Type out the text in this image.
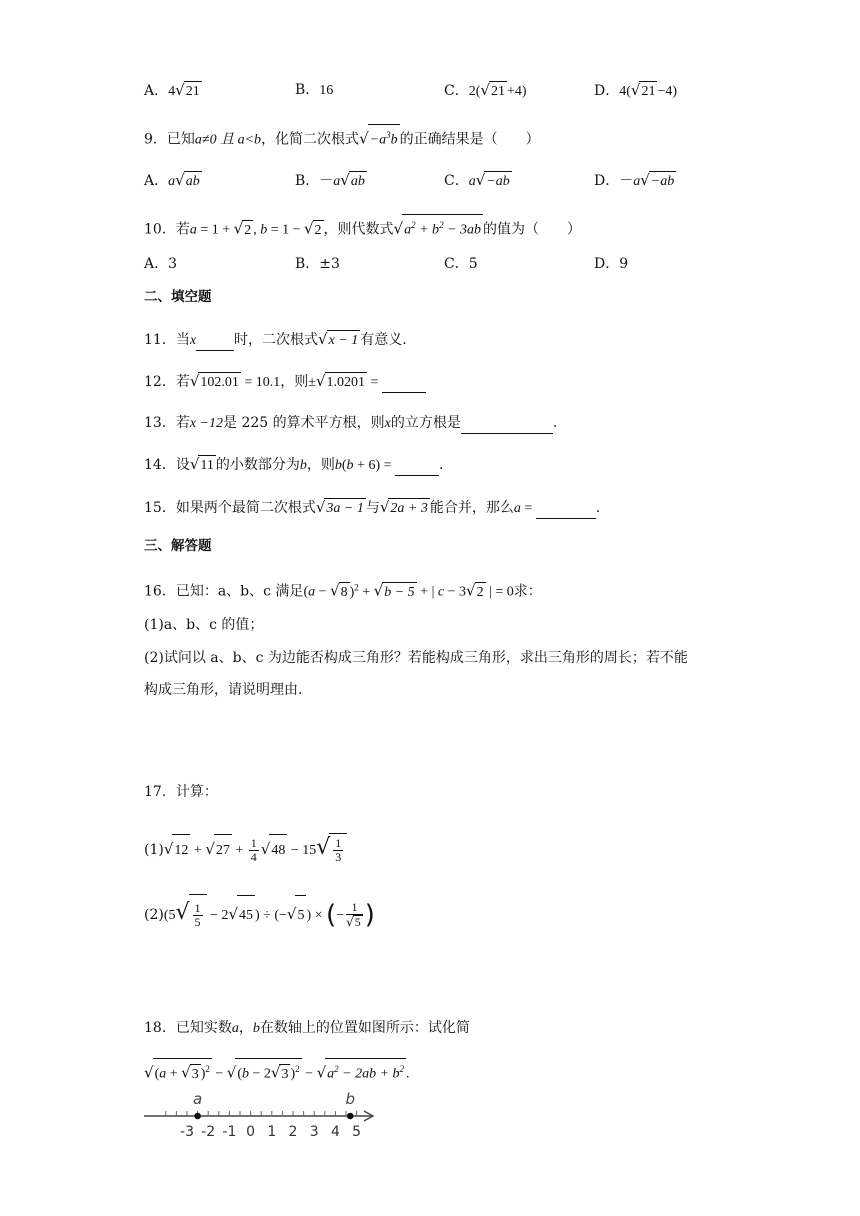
A．4√21	B．16	C．2(√21 +4)	D．4(√21 −4)
9．已知a≠0 且 a<b，化简二次根式$√-a^3b$ 的正确结果是（　　）
A．a√ab	B．－a√ab	C．a√−ab	D．－a√−ab
10．若a = 1 + √2 , b = 1 − √2 ，则代数式$√a^2 + b^2 - 3ab$ 的值为（　　）
A．3	B．±3	C．5	D．9
二、填空题
11．当x	时，二次根式√x − 1 有意义.
12．若√102.01 = 10.1，则±√1.0201 =
13．若x −12是 225 的算术平方根，则x的立方根是	.
14．设√11 的小数部分为b，则b(b + 6) =	.
15．如果两个最简二次根式√3a − 1 与√2a + 3 能合并，那么a =	.
三、解答题
16．已知：a、b、c 满足(a − √8 )$^2$ + √b − 5 + | c − 3√2 | = 0求：
(1)a、b、c 的值；
(2)试问以 a、b、c 为边能否构成三角形？若能构成三角形，求出三角形的周长；若不能
构成三角形，请说明理由.
17．计算：
$(1)√12 + √27 + \frac{1}{4} √48 - 15√ \frac{1}{3}$
$(2)(5√ \frac{1}{5} - 2√45$ ) ÷ (−√5 ) × (− $\frac{1}{√5}$ )
18．已知实数a，b在数轴上的位置如图所示：试化简
√(a + √3 )$^2$ − √(b − 2√3 )$^2 - √a^2 - 2ab + b^2$ .
-3 -2 -1 0 1 2 3 4 5
a	b
